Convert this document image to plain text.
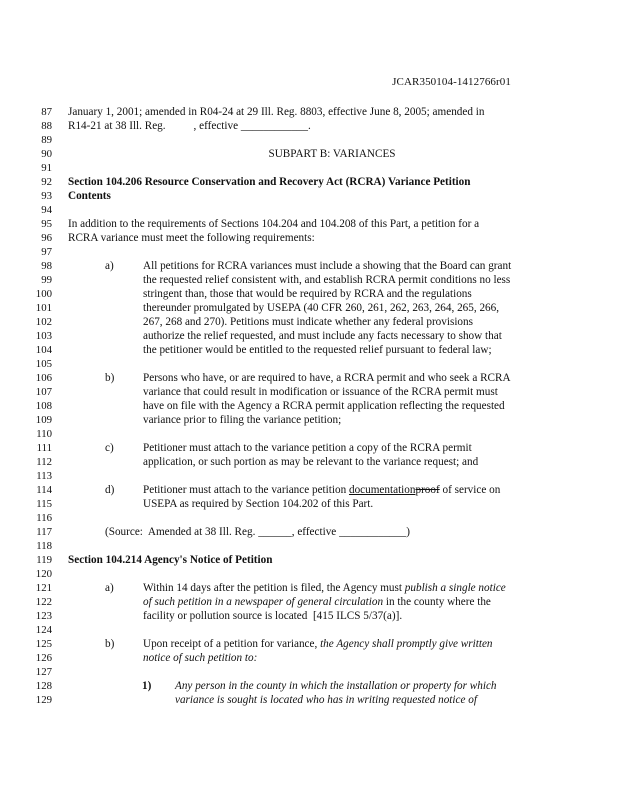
JCAR350104-1412766r01
87 January 1, 2001; amended in R04-24 at 29 Ill. Reg. 8803, effective June 8, 2005; amended in
88 R14-21 at 38 Ill. Reg.          , effective ____________.
89
90	SUBPART B: VARIANCES
91
92 Section 104.206 Resource Conservation and Recovery Act (RCRA) Variance Petition
93 Contents
94
95 In addition to the requirements of Sections 104.204 and 104.208 of this Part, a petition for a
96 RCRA variance must meet the following requirements:
97
98	a)	All petitions for RCRA variances must include a showing that the Board can grant
99	the requested relief consistent with, and establish RCRA permit conditions no less
100	stringent than, those that would be required by RCRA and the regulations
101	thereunder promulgated by USEPA (40 CFR 260, 261, 262, 263, 264, 265, 266,
102	267, 268 and 270). Petitions must indicate whether any federal provisions
103	authorize the relief requested, and must include any facts necessary to show that
104	the petitioner would be entitled to the requested relief pursuant to federal law;
105
106	b)	Persons who have, or are required to have, a RCRA permit and who seek a RCRA
107	variance that could result in modification or issuance of the RCRA permit must
108	have on file with the Agency a RCRA permit application reflecting the requested
109	variance prior to filing the variance petition;
110
111	c)	Petitioner must attach to the variance petition a copy of the RCRA permit
112	application, or such portion as may be relevant to the variance request; and
113
114	d)	Petitioner must attach to the variance petition documentationproof of service on
115	USEPA as required by Section 104.202 of this Part.
116
117	(Source:  Amended at 38 Ill. Reg. ______, effective ____________)
118
119 Section 104.214 Agency's Notice of Petition
120
121	a)	Within 14 days after the petition is filed, the Agency must publish a single notice
122	of such petition in a newspaper of general circulation in the county where the
123	facility or pollution source is located  [415 ILCS 5/37(a)].
124
125	b)	Upon receipt of a petition for variance, the Agency shall promptly give written
126	notice of such petition to:
127
128	1) Any person in the county in which the installation or property for which
129	variance is sought is located who has in writing requested notice of
